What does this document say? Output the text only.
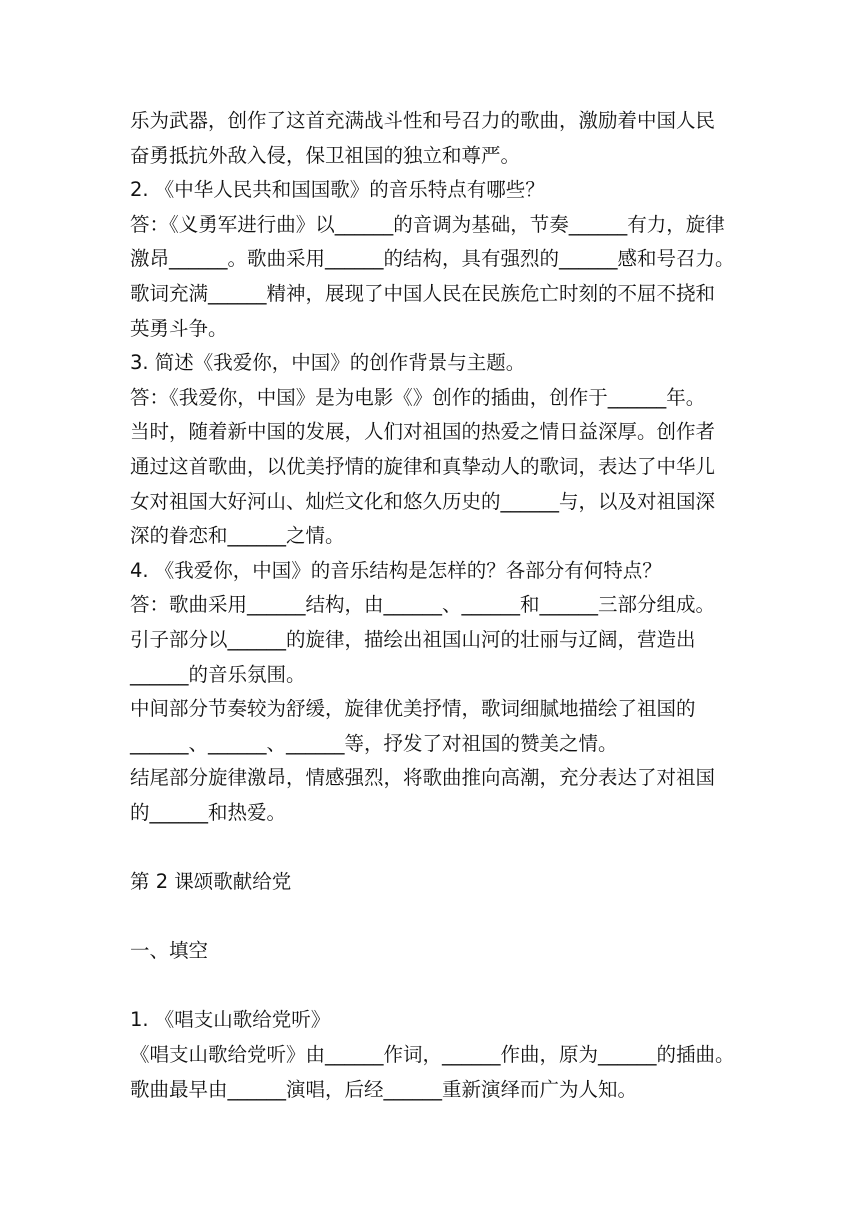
乐为武器，创作了这首充满战斗性和号召力的歌曲，激励着中国人民
奋勇抵抗外敌入侵，保卫祖国的独立和尊严。
2. 《中华人民共和国国歌》的音乐特点有哪些？
答：《义勇军进行曲》以______的音调为基础，节奏______有力，旋律
激昂______。歌曲采用______的结构，具有强烈的______感和号召力。
歌词充满______精神，展现了中国人民在民族危亡时刻的不屈不挠和
英勇斗争。
3. 简述《我爱你，中国》的创作背景与主题。
答：《我爱你，中国》是为电影《》创作的插曲，创作于______年。
当时，随着新中国的发展，人们对祖国的热爱之情日益深厚。创作者
通过这首歌曲，以优美抒情的旋律和真挚动人的歌词，表达了中华儿
女对祖国大好河山、灿烂文化和悠久历史的______与，以及对祖国深
深的眷恋和______之情。
4. 《我爱你，中国》的音乐结构是怎样的？各部分有何特点？
答：歌曲采用______结构，由______、______和______三部分组成。
引子部分以______的旋律，描绘出祖国山河的壮丽与辽阔，营造出
______的音乐氛围。
中间部分节奏较为舒缓，旋律优美抒情，歌词细腻地描绘了祖国的
______、______、______等，抒发了对祖国的赞美之情。
结尾部分旋律激昂，情感强烈，将歌曲推向高潮，充分表达了对祖国
的______和热爱。
第 2 课颂歌献给党
一、填空
1. 《唱支山歌给党听》
《唱支山歌给党听》由______作词，______作曲，原为______的插曲。
歌曲最早由______演唱，后经______重新演绎而广为人知。
